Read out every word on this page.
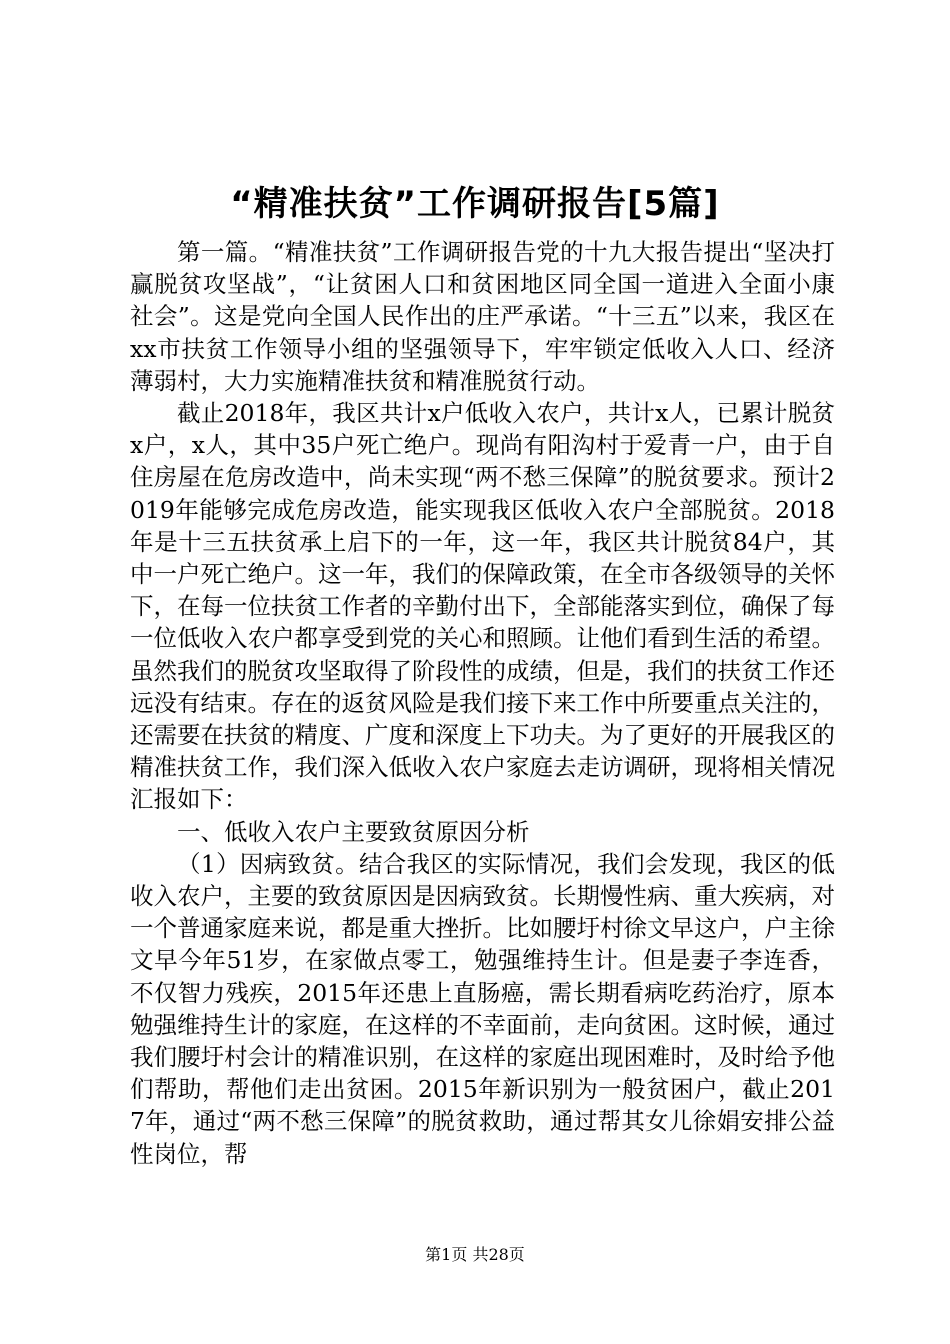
“精准扶贫”工作调研报告[5篇]

第一篇。“精准扶贫”工作调研报告党的十九大报告提出“坚决打赢脱贫攻坚战”，“让贫困人口和贫困地区同全国一道进入全面小康社会”。这是党向全国人民作出的庄严承诺。“十三五”以来，我区在xx市扶贫工作领导小组的坚强领导下，牢牢锁定低收入人口、经济薄弱村，大力实施精准扶贫和精准脱贫行动。

截止2018年，我区共计x户低收入农户，共计x人，已累计脱贫x户，x人，其中35户死亡绝户。现尚有阳沟村于爱青一户，由于自住房屋在危房改造中，尚未实现“两不愁三保障”的脱贫要求。预计2019年能够完成危房改造，能实现我区低收入农户全部脱贫。2018年是十三五扶贫承上启下的一年，这一年，我区共计脱贫84户，其中一户死亡绝户。这一年，我们的保障政策，在全市各级领导的关怀下，在每一位扶贫工作者的辛勤付出下，全部能落实到位，确保了每一位低收入农户都享受到党的关心和照顾。让他们看到生活的希望。虽然我们的脱贫攻坚取得了阶段性的成绩，但是，我们的扶贫工作还远没有结束。存在的返贫风险是我们接下来工作中所要重点关注的，还需要在扶贫的精度、广度和深度上下功夫。为了更好的开展我区的精准扶贫工作，我们深入低收入农户家庭去走访调研，现将相关情况汇报如下：

一、低收入农户主要致贫原因分析

（1）因病致贫。结合我区的实际情况，我们会发现，我区的低收入农户，主要的致贫原因是因病致贫。长期慢性病、重大疾病，对一个普通家庭来说，都是重大挫折。比如腰圩村徐文早这户，户主徐文早今年51岁，在家做点零工，勉强维持生计。但是妻子李连香，不仅智力残疾，2015年还患上直肠癌，需长期看病吃药治疗，原本勉强维持生计的家庭，在这样的不幸面前，走向贫困。这时候，通过我们腰圩村会计的精准识别，在这样的家庭出现困难时，及时给予他们帮助，帮他们走出贫困。2015年新识别为一般贫困户，截止2017年，通过“两不愁三保障”的脱贫救助，通过帮其女儿徐娟安排公益性岗位，帮

第1页 共28页
